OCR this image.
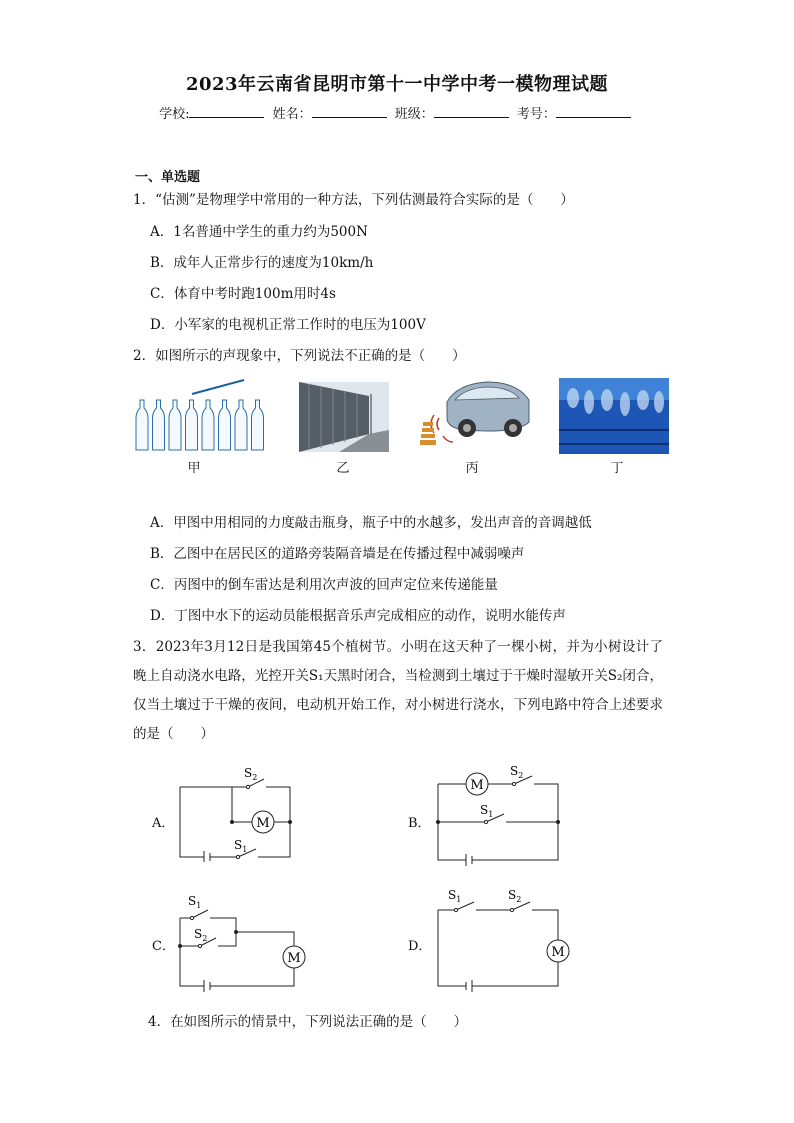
2023年云南省昆明市第十一中学中考一模物理试题
学校:	姓名：	班级：	考号：
一、单选题
1．“估测”是物理学中常用的一种方法，下列估测最符合实际的是（　　）
A．1名普通中学生的重力约为500N
B．成年人正常步行的速度为10km/h
C．体育中考时跑100m用时4s
D．小军家的电视机正常工作时的电压为100V
2．如图所示的声现象中，下列说法不正确的是（　　）
甲	乙	丙	丁
A．甲图中用相同的力度敲击瓶身，瓶子中的水越多，发出声音的音调越低
B．乙图中在居民区的道路旁装隔音墙是在传播过程中减弱噪声
C．丙图中的倒车雷达是利用次声波的回声定位来传递能量
D．丁图中水下的运动员能根据音乐声完成相应的动作，说明水能传声
3．2023年3月12日是我国第45个植树节。小明在这天种了一棵小树，并为小树设计了晚上自动浇水电路，光控开关S₁天黑时闭合，当检测到土壤过于干燥时湿敏开关S₂闭合，仅当土壤过于干燥的夜间，电动机开始工作，对小树进行浇水，下列电路中符合上述要求的是（　　）
A．	M
$S_2$
$S_1$
B．
M
$S_2$
$S_1$
C．
M
$S_1$
$S_2$
D．	M
$S_1$	$S_2$
4．在如图所示的情景中，下列说法正确的是（　　）
